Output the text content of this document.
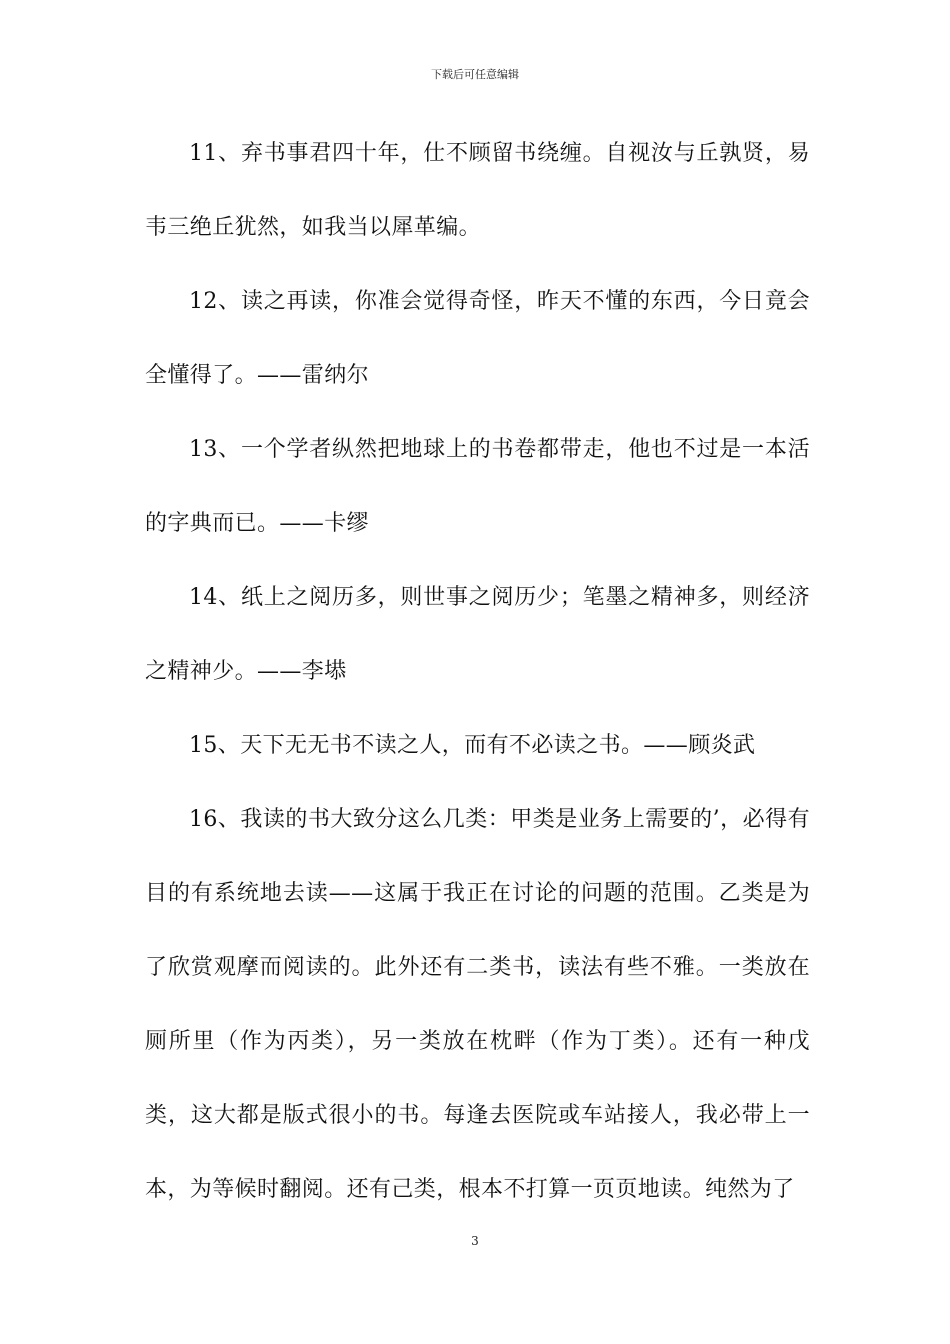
下载后可任意编辑

11、弃书事君四十年，仕不顾留书绕缠。自视汝与丘孰贤，易韦三绝丘犹然，如我当以犀革编。

12、读之再读，你准会觉得奇怪，昨天不懂的东西，今日竟会全懂得了。——雷纳尔

13、一个学者纵然把地球上的书卷都带走，他也不过是一本活的字典而已。——卡缪

14、纸上之阅历多，则世事之阅历少；笔墨之精神多，则经济之精神少。——李塨

15、天下无无书不读之人，而有不必读之书。——顾炎武

16、我读的书大致分这么几类：甲类是业务上需要的’，必得有目的有系统地去读——这属于我正在讨论的问题的范围。乙类是为了欣赏观摩而阅读的。此外还有二类书，读法有些不雅。一类放在厕所里（作为丙类），另一类放在枕畔（作为丁类）。还有一种戊类，这大都是版式很小的书。每逢去医院或车站接人，我必带上一本，为等候时翻阅。还有己类，根本不打算一页页地读。纯然为了

3
